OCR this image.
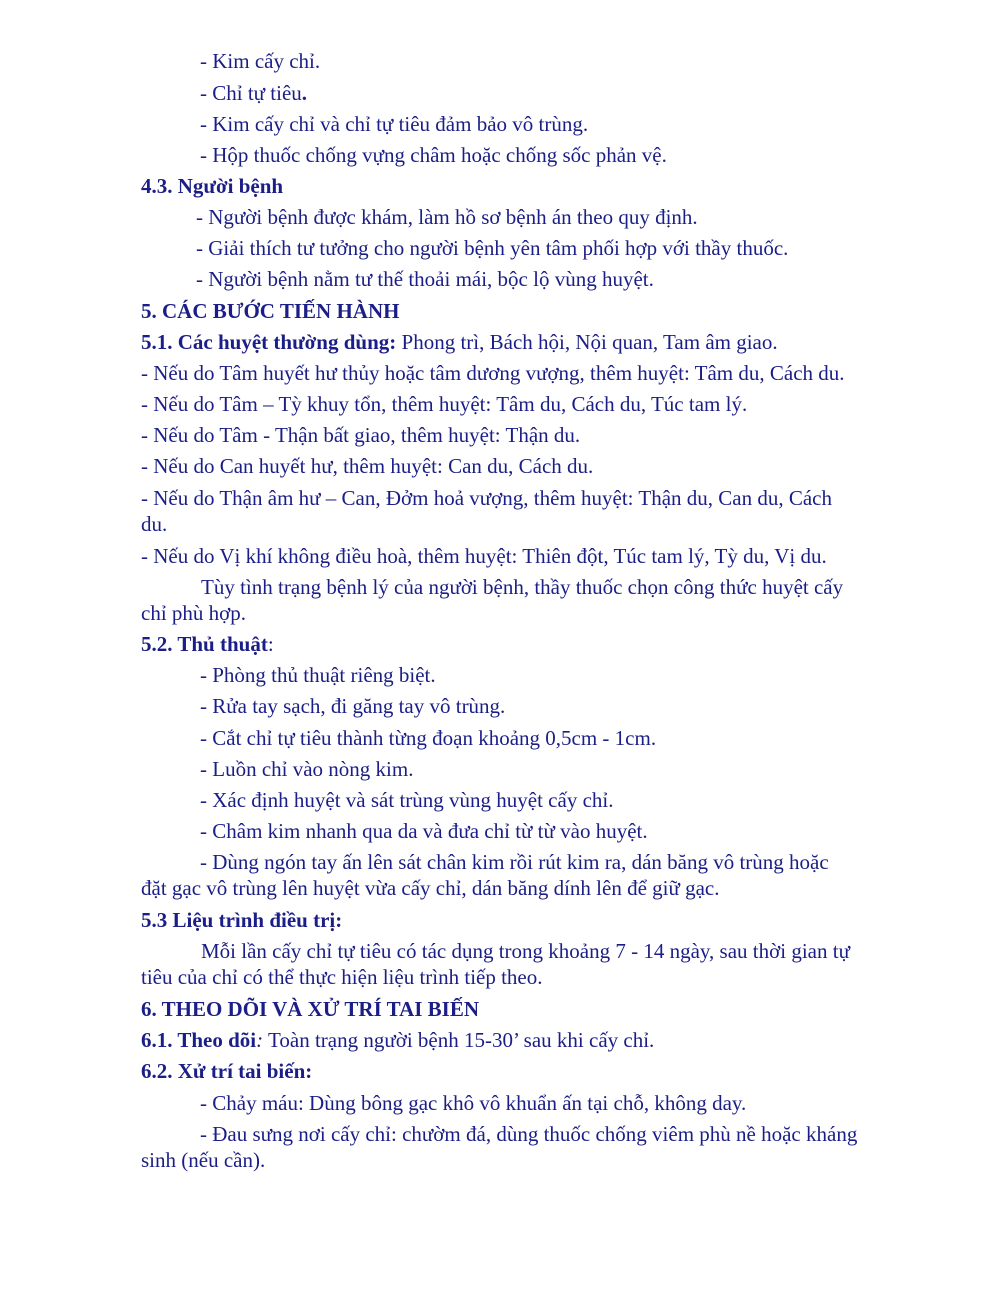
- Kim cấy chỉ.
- Chỉ tự tiêu.
- Kim cấy chỉ và chỉ tự tiêu đảm bảo vô trùng.
- Hộp thuốc chống vựng châm hoặc chống sốc phản vệ.
4.3. Người bệnh
- Người bệnh được khám, làm hồ sơ bệnh án theo quy định.
- Giải thích tư tưởng cho người bệnh yên tâm phối hợp với thầy thuốc.
- Người bệnh nằm tư thế thoải mái, bộc lộ vùng huyệt.
5. CÁC BƯỚC TIẾN HÀNH
5.1. Các huyệt thường dùng: Phong trì, Bách hội, Nội quan, Tam âm giao.
- Nếu do Tâm huyết hư thủy hoặc tâm dương vượng, thêm huyệt: Tâm du, Cách du.
- Nếu do Tâm – Tỳ khuy tổn, thêm huyệt: Tâm du, Cách du, Túc tam lý.
- Nếu do Tâm - Thận bất giao, thêm huyệt: Thận du.
- Nếu do Can huyết hư, thêm huyệt: Can du, Cách du.
- Nếu do Thận âm hư – Can, Đởm hoả vượng, thêm huyệt: Thận du, Can du, Cách
du.
- Nếu do Vị khí không điều hoà, thêm huyệt: Thiên đột, Túc tam lý, Tỳ du, Vị du.
Tùy tình trạng bệnh lý của người bệnh, thầy thuốc chọn công thức huyệt cấy
chỉ phù hợp.
5.2. Thủ thuật:
- Phòng thủ thuật riêng biệt.
- Rửa tay sạch, đi găng tay vô trùng.
- Cắt chỉ tự tiêu thành từng đoạn khoảng 0,5cm - 1cm.
- Luồn chỉ vào nòng kim.
- Xác định huyệt và sát trùng vùng huyệt cấy chỉ.
- Châm kim nhanh qua da và đưa chỉ từ từ vào huyệt.
- Dùng ngón tay ấn lên sát chân kim rồi rút kim ra, dán băng vô trùng hoặc
đặt gạc vô trùng lên huyệt vừa cấy chỉ, dán băng dính lên để giữ gạc.
5.3 Liệu trình điều trị:
Mỗi lần cấy chỉ tự tiêu có tác dụng trong khoảng 7 - 14 ngày, sau thời gian tự
tiêu của chỉ có thể thực hiện liệu trình tiếp theo.
6. THEO DÕI VÀ XỬ TRÍ TAI BIẾN
6.1. Theo dõi: Toàn trạng người bệnh 15-30’ sau khi cấy chỉ.
6.2. Xử trí tai biến:
- Chảy máu: Dùng bông gạc khô vô khuẩn ấn tại chỗ, không day.
- Đau sưng nơi cấy chỉ: chườm đá, dùng thuốc chống viêm phù nề hoặc kháng
sinh (nếu cần).
